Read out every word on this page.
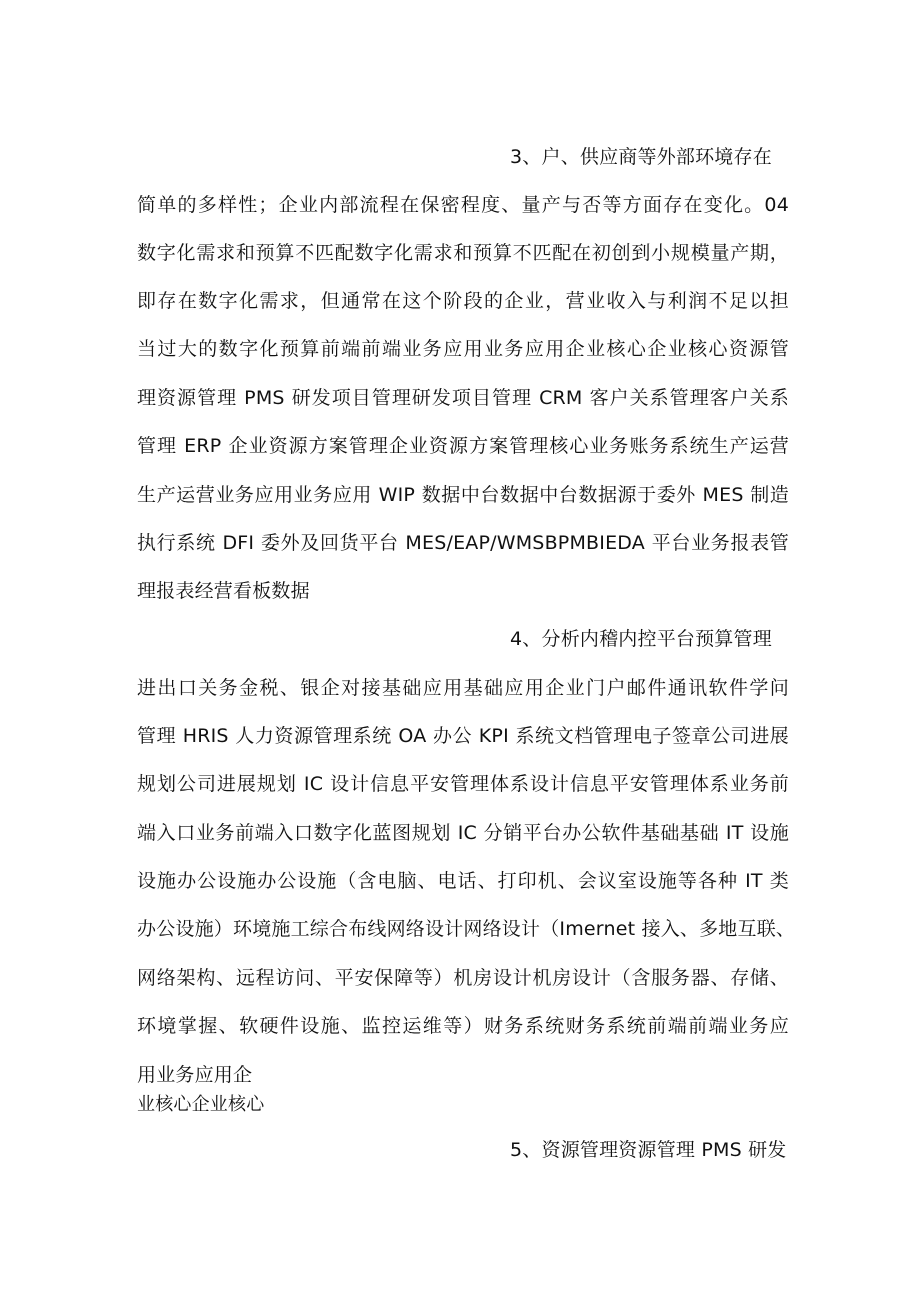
3、户、供应商等外部环境存在
简单的多样性；企业内部流程在保密程度、量产与否等方面存在变化。04
数字化需求和预算不匹配数字化需求和预算不匹配在初创到小规模量产期，
即存在数字化需求，但通常在这个阶段的企业，营业收入与利润不足以担
当过大的数字化预算前端前端业务应用业务应用企业核心企业核心资源管
理资源管理 PMS 研发项目管理研发项目管理 CRM 客户关系管理客户关系
管理 ERP 企业资源方案管理企业资源方案管理核心业务账务系统生产运营
生产运营业务应用业务应用 WIP 数据中台数据中台数据源于委外 MES 制造
执行系统 DFI 委外及回货平台 MES/EAP/WMSBPMBIEDA 平台业务报表管
理报表经营看板数据
4、分析内稽内控平台预算管理
进出口关务金税、银企对接基础应用基础应用企业门户邮件通讯软件学问
管理 HRIS 人力资源管理系统 OA 办公 KPI 系统文档管理电子签章公司进展
规划公司进展规划 IC 设计信息平安管理体系设计信息平安管理体系业务前
端入口业务前端入口数字化蓝图规划 IC 分销平台办公软件基础基础 IT 设施
设施办公设施办公设施（含电脑、电话、打印机、会议室设施等各种 IT 类
办公设施）环境施工综合布线网络设计网络设计（Imernet 接入、多地互联、
网络架构、远程访问、平安保障等）机房设计机房设计（含服务器、存储、
环境掌握、软硬件设施、监控运维等）财务系统财务系统前端前端业务应
用业务应用企
业核心企业核心
5、资源管理资源管理 PMS 研发
